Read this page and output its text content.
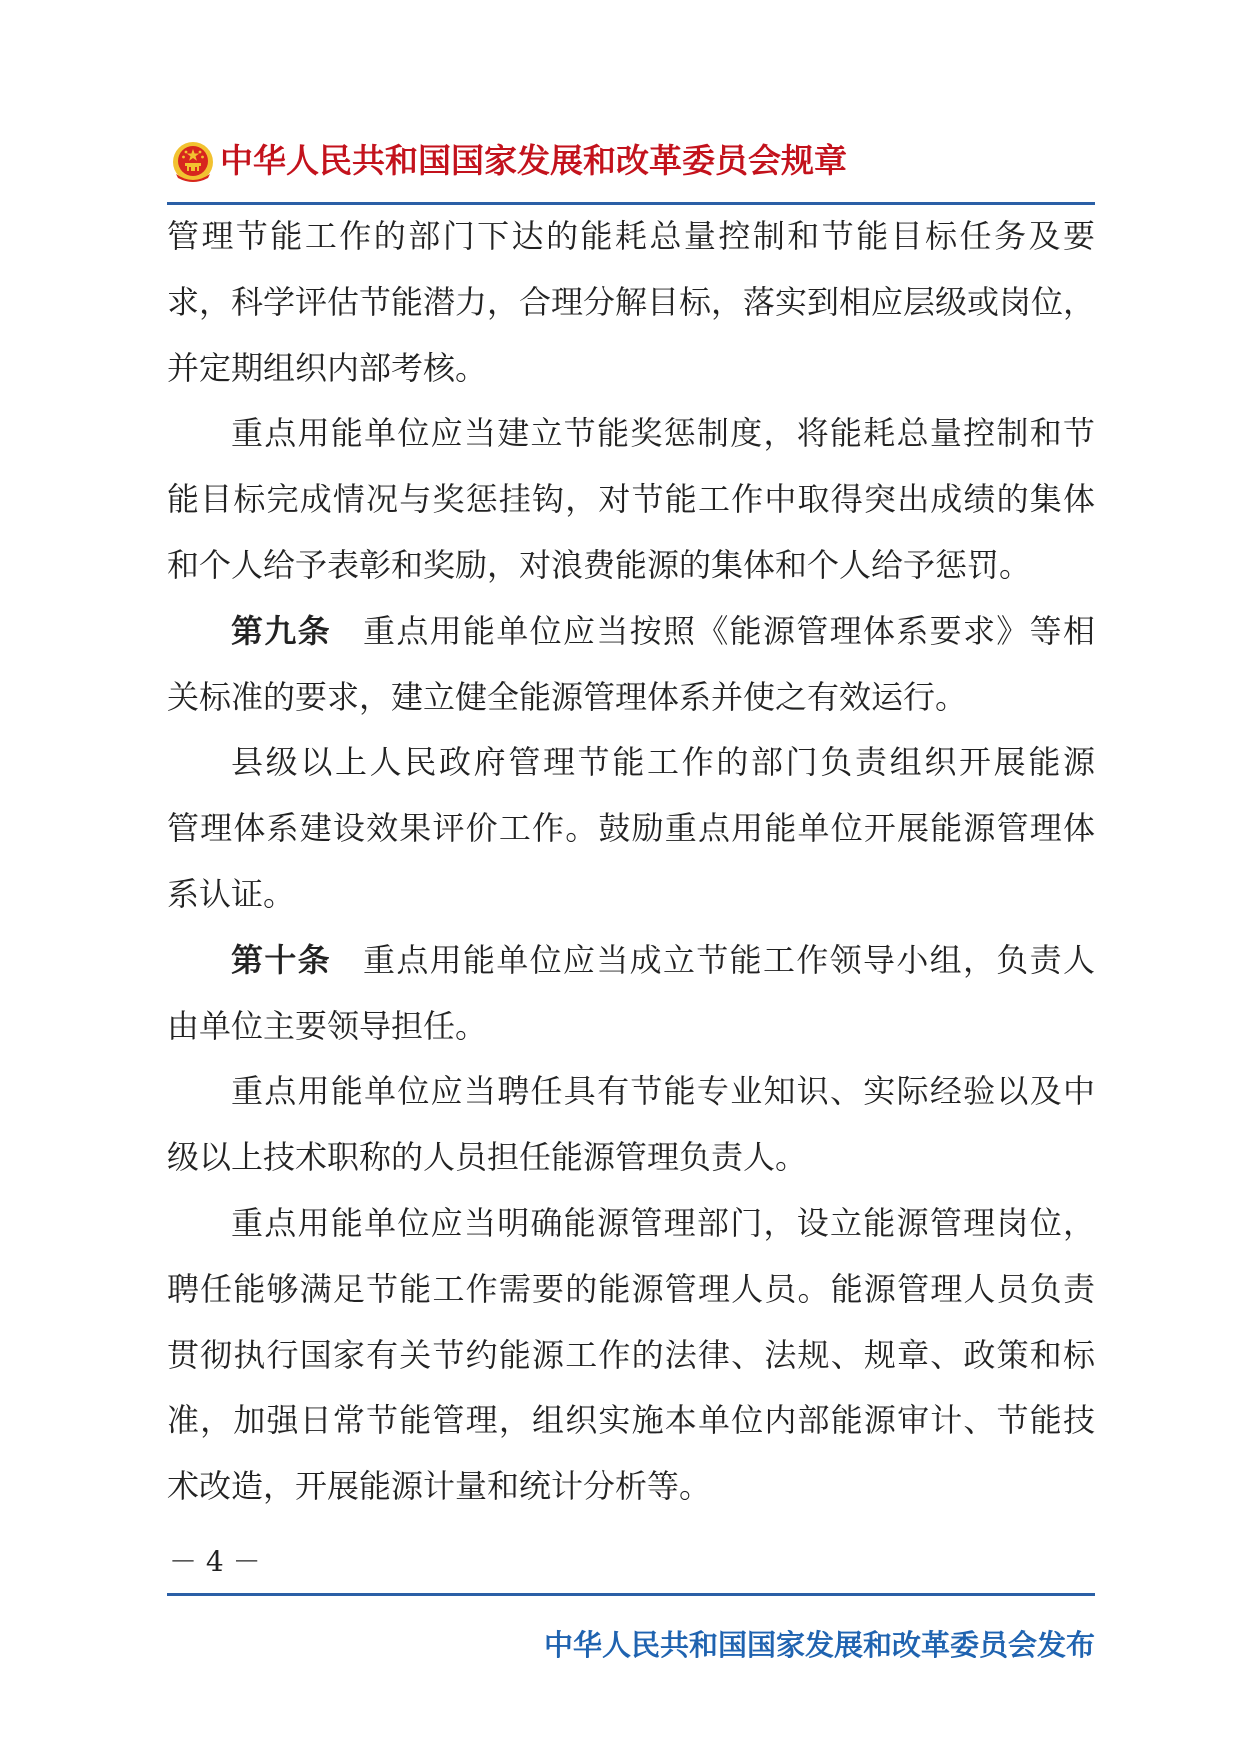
中华人民共和国国家发展和改革委员会规章
管理节能工作的部门下达的能耗总量控制和节能目标任务及要
求，科学评估节能潜力，合理分解目标，落实到相应层级或岗位，
并定期组织内部考核。
重点用能单位应当建立节能奖惩制度，将能耗总量控制和节
能目标完成情况与奖惩挂钩，对节能工作中取得突出成绩的集体
和个人给予表彰和奖励，对浪费能源的集体和个人给予惩罚。
第九条 重点用能单位应当按照《能源管理体系要求》等相
关标准的要求，建立健全能源管理体系并使之有效运行。
县级以上人民政府管理节能工作的部门负责组织开展能源
管理体系建设效果评价工作。鼓励重点用能单位开展能源管理体
系认证。
第十条 重点用能单位应当成立节能工作领导小组，负责人
由单位主要领导担任。
重点用能单位应当聘任具有节能专业知识、实际经验以及中
级以上技术职称的人员担任能源管理负责人。
重点用能单位应当明确能源管理部门，设立能源管理岗位，
聘任能够满足节能工作需要的能源管理人员。能源管理人员负责
贯彻执行国家有关节约能源工作的法律、法规、规章、政策和标
准，加强日常节能管理，组织实施本单位内部能源审计、节能技
术改造，开展能源计量和统计分析等。
－ 4 －
中华人民共和国国家发展和改革委员会发布
